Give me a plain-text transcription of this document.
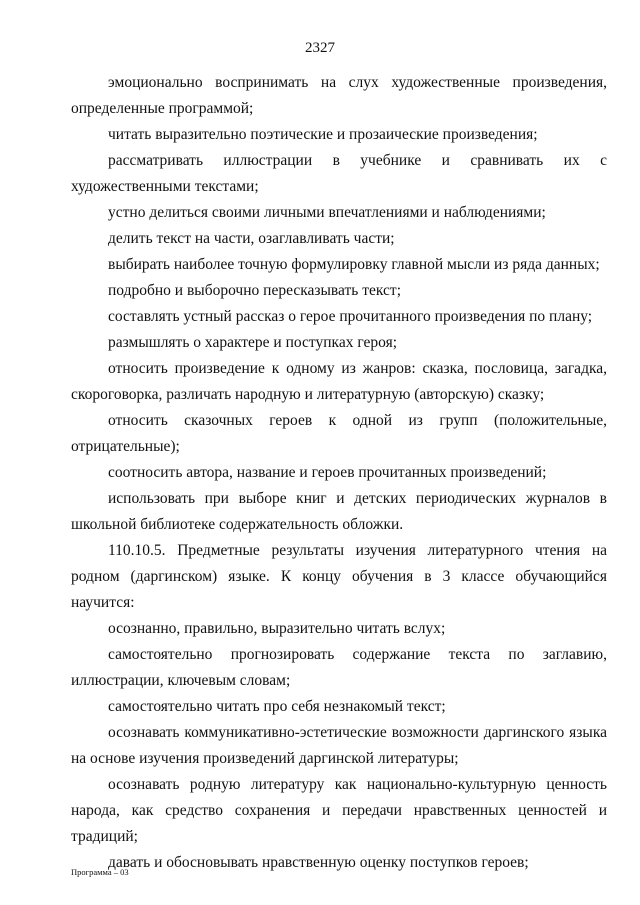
2327

эмоционально воспринимать на слух художественные произведения, определенные программой;

читать выразительно поэтические и прозаические произведения;

рассматривать иллюстрации в учебнике и сравнивать их с художественными текстами;

устно делиться своими личными впечатлениями и наблюдениями;

делить текст на части, озаглавливать части;

выбирать наиболее точную формулировку главной мысли из ряда данных;

подробно и выборочно пересказывать текст;

составлять устный рассказ о герое прочитанного произведения по плану;

размышлять о характере и поступках героя;

относить произведение к одному из жанров: сказка, пословица, загадка, скороговорка, различать народную и литературную (авторскую) сказку;

относить сказочных героев к одной из групп (положительные, отрицательные);

соотносить автора, название и героев прочитанных произведений;

использовать при выборе книг и детских периодических журналов в школьной библиотеке содержательность обложки.

110.10.5. Предметные результаты изучения литературного чтения на родном (даргинском) языке. К концу обучения в 3 классе обучающийся научится:

осознанно, правильно, выразительно читать вслух;

самостоятельно прогнозировать содержание текста по заглавию, иллюстрации, ключевым словам;

самостоятельно читать про себя незнакомый текст;

осознавать коммуникативно-эстетические возможности даргинского языка на основе изучения произведений даргинской литературы;

осознавать родную литературу как национально-культурную ценность народа, как средство сохранения и передачи нравственных ценностей и традиций;

давать и обосновывать нравственную оценку поступков героев;

Программа – 03
